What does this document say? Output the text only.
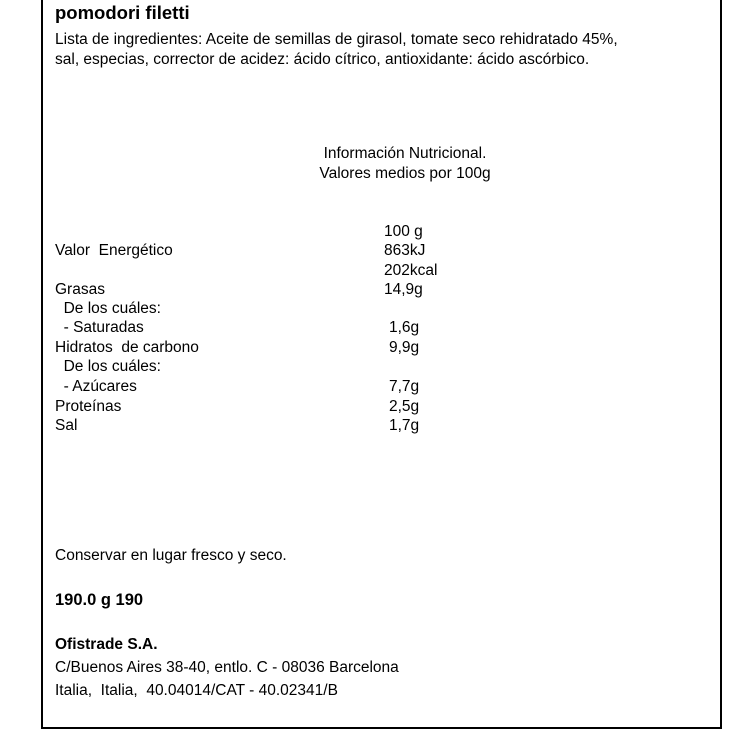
pomodori filetti
Lista de ingredientes: Aceite de semillas de girasol, tomate seco rehidratado 45%,
sal, especias, corrector de acidez: ácido cítrico, antioxidante: ácido ascórbico.
Información Nutricional.
Valores medios por 100g
100 g
Valor  Energético	863kJ
202kcal
Grasas	14,9g
De los cuáles:
- Saturadas	1,6g
Hidratos  de carbono	9,9g
De los cuáles:
- Azúcares	7,7g
Proteínas	2,5g
Sal	1,7g
Conservar en lugar fresco y seco.
190.0 g 190
Ofistrade S.A.
C/Buenos Aires 38-40, entlo. C - 08036 Barcelona
Italia,  Italia,  40.04014/CAT - 40.02341/B
